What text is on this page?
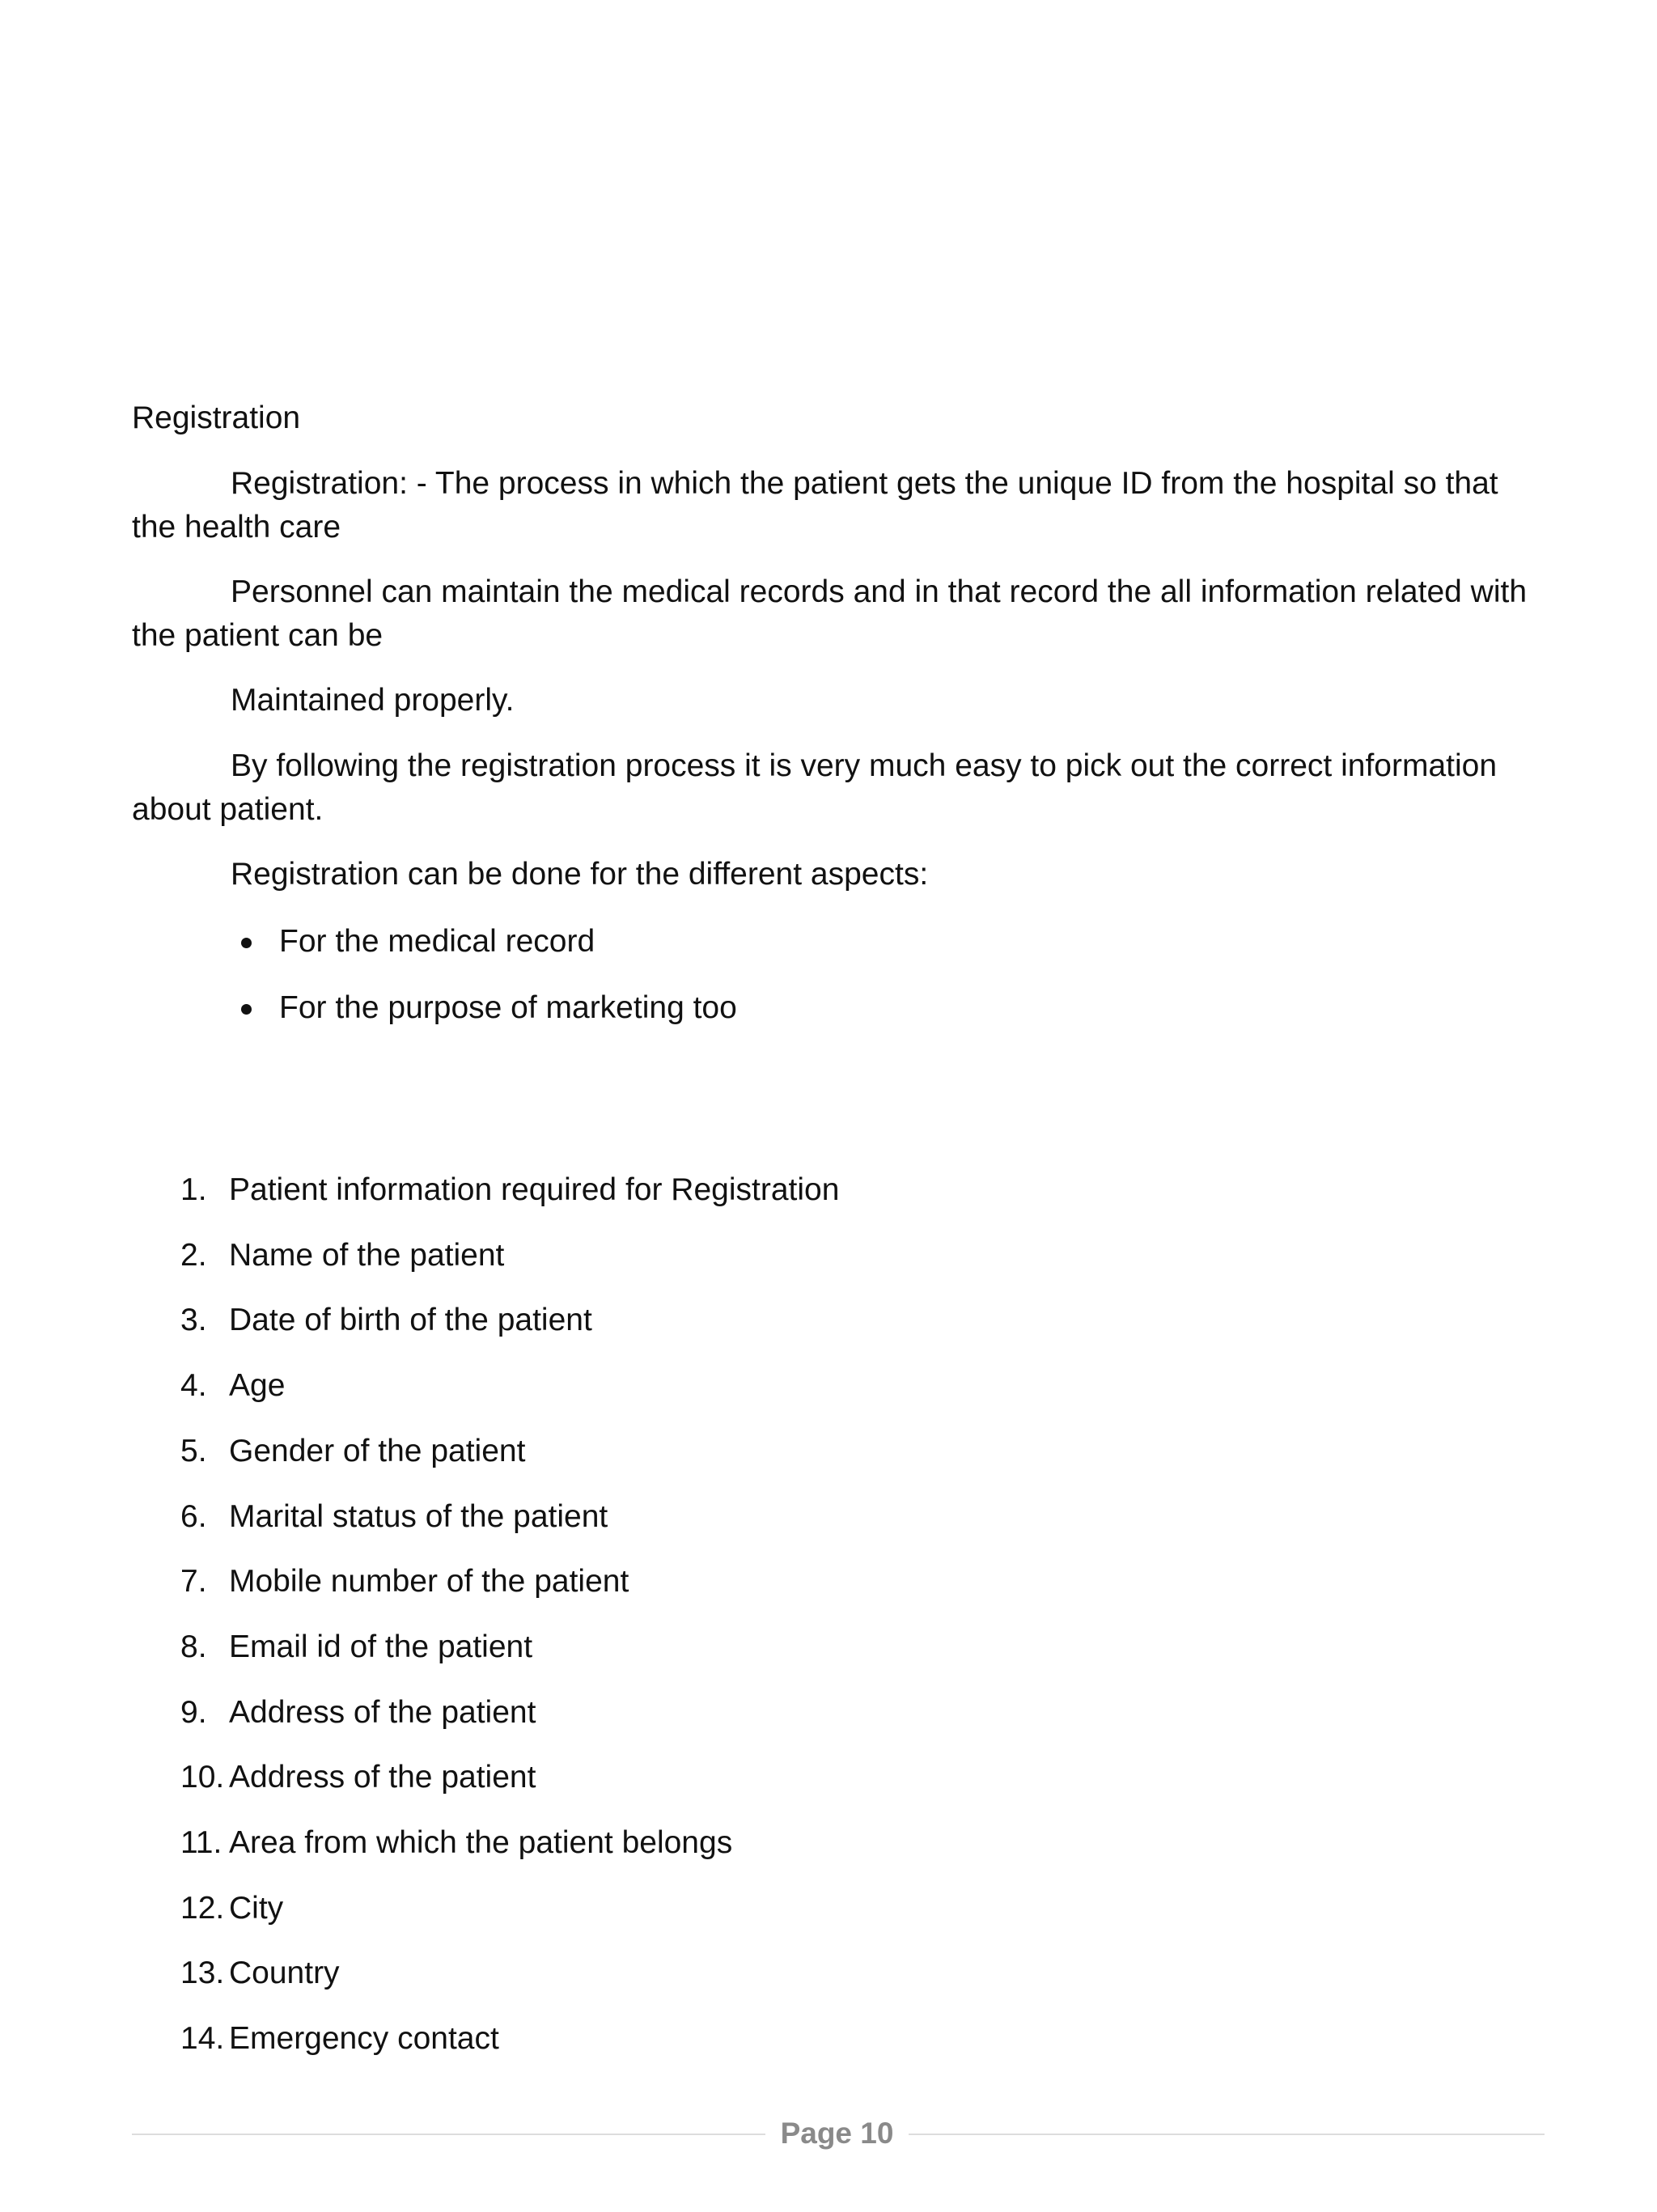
Registration
Registration: - The process in which the patient gets the unique ID from the hospital so that the health care
Personnel can maintain the medical records and in that record the all information related with the patient can be
Maintained properly.
By following the registration process it is very much easy to pick out the correct information about patient.
Registration can be done for the different aspects:
For the medical record
For the purpose of marketing too
1. Patient information required for Registration
2. Name of the patient
3. Date of birth of the patient
4. Age
5. Gender of the patient
6. Marital status of the patient
7. Mobile number of the patient
8. Email id of the patient
9. Address of the patient
10. Address of the patient
11. Area from which the patient belongs
12. City
13. Country
14. Emergency contact
Page 10
